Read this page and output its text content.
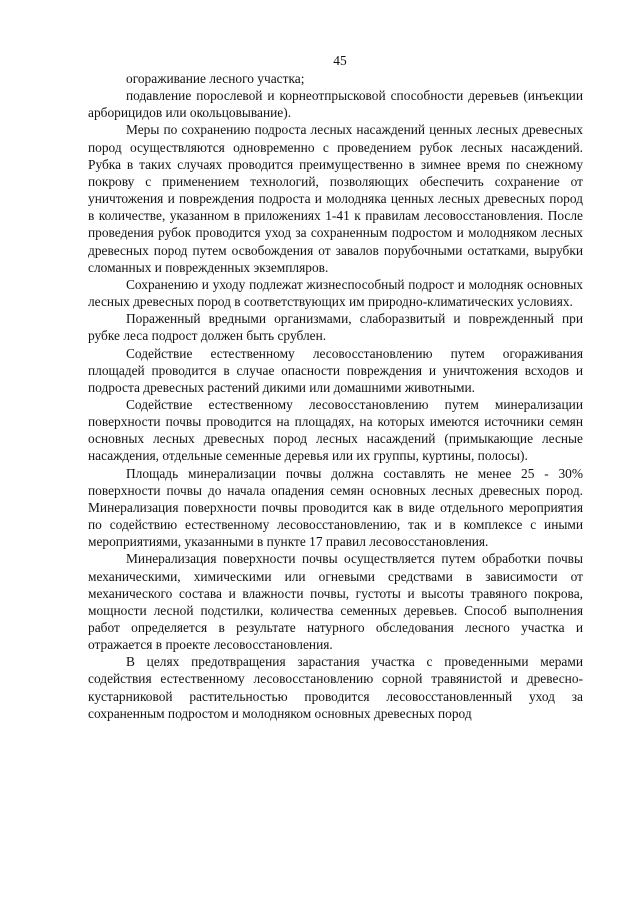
45

огораживание лесного участка;

подавление порослевой и корнеотпрысковой способности деревьев (инъекции арборицидов или окольцовывание).

Меры по сохранению подроста лесных насаждений ценных лесных древесных пород осуществляются одновременно с проведением рубок лесных насаждений. Рубка в таких случаях проводится преимущественно в зимнее время по снежному покрову с применением технологий, позволяющих обеспечить сохранение от уничтожения и повреждения подроста и молодняка ценных лесных древесных пород в количестве, указанном в приложениях 1-41 к правилам лесовосстановления. После проведения рубок проводится уход за сохраненным подростом и молодняком лесных древесных пород путем освобождения от завалов порубочными остатками, вырубки сломанных и поврежденных экземпляров.

Сохранению и уходу подлежат жизнеспособный подрост и молодняк основных лесных древесных пород в соответствующих им природно-климатических условиях.

Пораженный вредными организмами, слаборазвитый и поврежденный при рубке леса подрост должен быть срублен.

Содействие естественному лесовосстановлению путем огораживания площадей проводится в случае опасности повреждения и уничтожения всходов и подроста древесных растений дикими или домашними животными.

Содействие естественному лесовосстановлению путем минерализации поверхности почвы проводится на площадях, на которых имеются источники семян основных лесных древесных пород лесных насаждений (примыкающие лесные насаждения, отдельные семенные деревья или их группы, куртины, полосы).

Площадь минерализации почвы должна составлять не менее 25 - 30% поверхности почвы до начала опадения семян основных лесных древесных пород. Минерализация поверхности почвы проводится как в виде отдельного мероприятия по содействию естественному лесовосстановлению, так и в комплексе с иными мероприятиями, указанными в пункте 17 правил лесовосстановления.

Минерализация поверхности почвы осуществляется путем обработки почвы механическими, химическими или огневыми средствами в зависимости от механического состава и влажности почвы, густоты и высоты травяного покрова, мощности лесной подстилки, количества семенных деревьев. Способ выполнения работ определяется в результате натурного обследования лесного участка и отражается в проекте лесовосстановления.

В целях предотвращения зарастания участка с проведенными мерами содействия естественному лесовосстановлению сорной травянистой и древесно-кустарниковой растительностью проводится лесовосстановленный уход за сохраненным подростом и молодняком основных древесных пород
